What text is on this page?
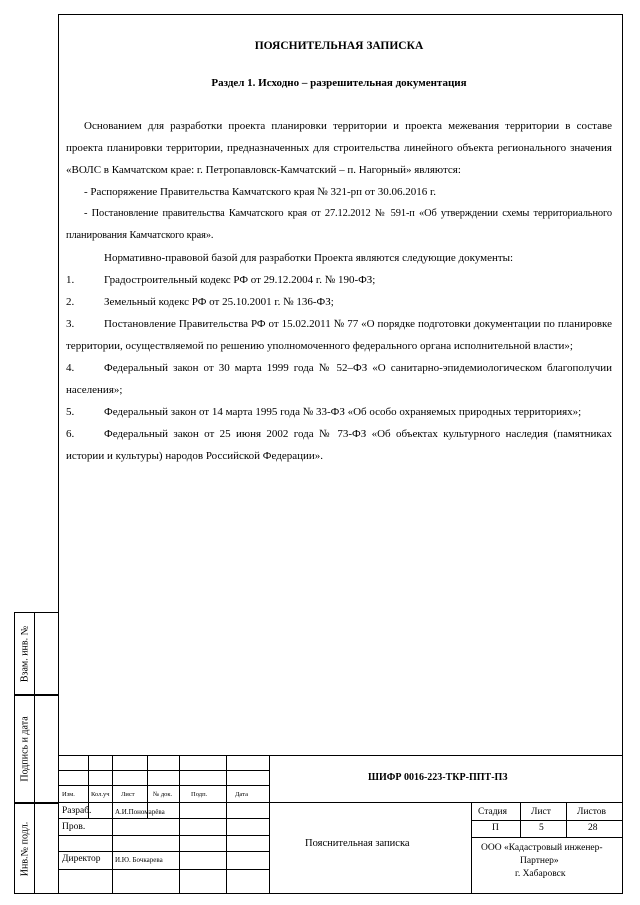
ПОЯСНИТЕЛЬНАЯ ЗАПИСКА
Раздел 1. Исходно – разрешительная документация

Основанием для разработки проекта планировки территории и проекта межевания территории в составе проекта планировки территории, предназначенных для строительства линейного объекта регионального значения «ВОЛС в Камчатском крае: г. Петропавловск-Камчатский – п. Нагорный» являются:

- Распоряжение Правительства Камчатского края № 321-рп от 30.06.2016 г.

- Постановление правительства Камчатского края от 27.12.2012 № 591-п «Об утверждении схемы территориального планирования Камчатского края».

Нормативно-правовой базой для разработки Проекта являются следующие документы:

1.	Градостроительный кодекс РФ от 29.12.2004 г. № 190-ФЗ;

2.	Земельный кодекс РФ от 25.10.2001 г. № 136-ФЗ;

3.	Постановление Правительства РФ от 15.02.2011 № 77 «О порядке подготовки документации по планировке территории, осуществляемой по решению уполномоченного федерального органа исполнительной власти»;

4.	Федеральный закон от 30 марта 1999 года № 52–ФЗ «О санитарно-эпидемиологическом благополучии населения»;

5.	Федеральный закон от 14 марта 1995 года № 33-ФЗ «Об особо охраняемых природных территориях»;

6.	Федеральный закон от 25 июня 2002 года № 73-ФЗ «Об объектах культурного наследия (памятниках истории и культуры) народов Российской Федерации».

Взам. инв. №
Подпись и дата
Инв.№ подл.
ШИФР 0016-223-ТКР-ППТ-ПЗ
Изм. Кол.уч Лист	№ док.	Подп.	Дата
Разраб.	А.И.Пономарёва
Пров.
Директор И.Ю. Бочкарева
Пояснительная записка
Стадия	Лист	Листов
П	5	28
ООО «Кадастровый инженер-
Партнер»
г. Хабаровск
